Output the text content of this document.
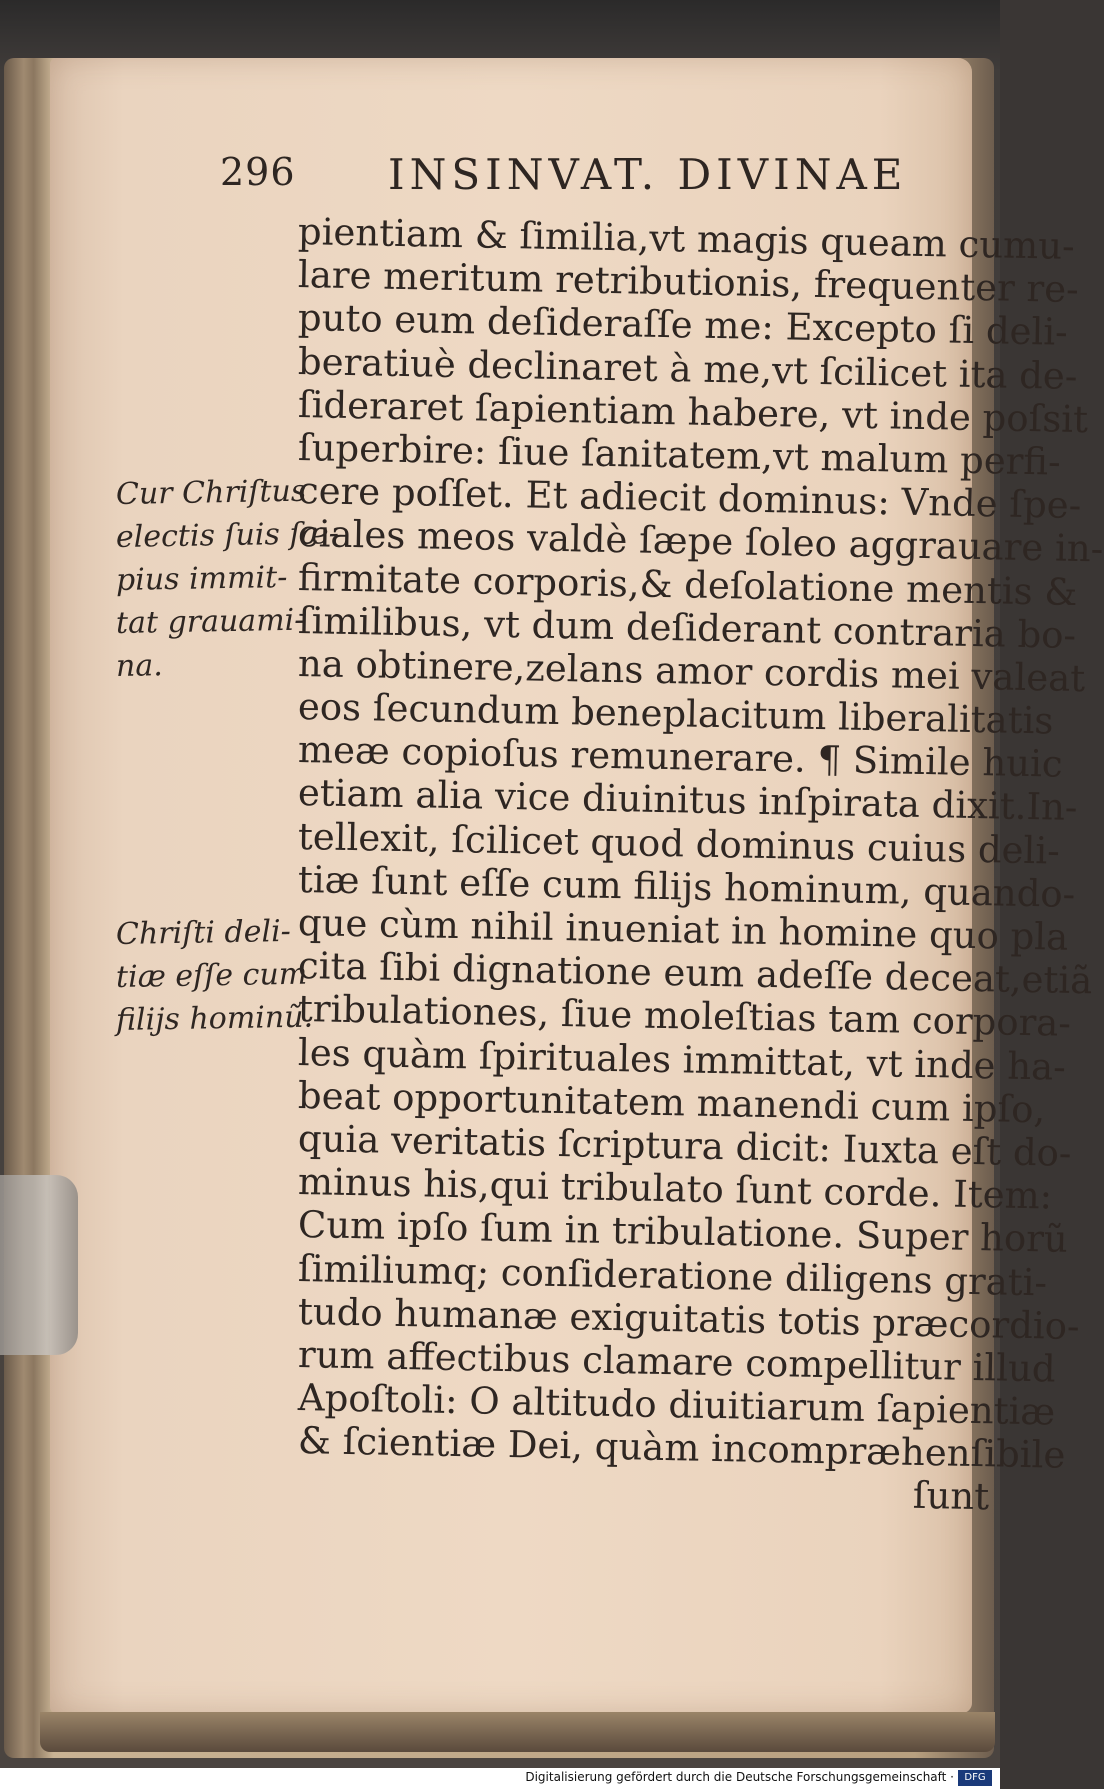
296 INSINVAT. DIVINAE
Cur Chriſtus
electis ſuis ſæ-
pius immit-
tat grauami-
na.
Chriſti deli-
tiæ eſſe cum
filijs hominũ.
pientiam & ſimilia,vt magis queam cumu-
lare meritum retributionis, frequenter re-
puto eum deſideraſſe me: Excepto ſi deli-
beratiuè declinaret à me,vt ſcilicet ita de-
ſideraret ſapientiam habere, vt inde poſsit
ſuperbire: ſiue ſanitatem,vt malum perfi-
cere poſſet. Et adiecit dominus: Vnde ſpe-
ciales meos valdè ſæpe ſoleo aggrauare in-
firmitate corporis,& deſolatione mentis &
ſimilibus, vt dum deſiderant contraria bo-
na obtinere,zelans amor cordis mei valeat
eos ſecundum beneplacitum liberalitatis
meæ copioſus remunerare. ¶ Simile huic
etiam alia vice diuinitus inſpirata dixit.In-
tellexit, ſcilicet quod dominus cuius deli-
tiæ ſunt eſſe cum filijs hominum, quando-
que cùm nihil inueniat in homine quo pla
cita ſibi dignatione eum adeſſe deceat,etiã
tribulationes, ſiue moleſtias tam corpora-
les quàm ſpirituales immittat, vt inde ha-
beat opportunitatem manendi cum ipſo,
quia veritatis ſcriptura dicit: Iuxta eſt do-
minus his,qui tribulato ſunt corde. Item:
Cum ipſo ſum in tribulatione. Super horũ
ſimiliumq; conſideratione diligens grati-
tudo humanæ exiguitatis totis præcordio-
rum affectibus clamare compellitur illud
Apoſtoli: O altitudo diuitiarum ſapientiæ
& ſcientiæ Dei, quàm incompræhenſibile
ſunt
Digitalisierung gefördert durch die Deutsche Forschungsgemeinschaft ·	DFG
